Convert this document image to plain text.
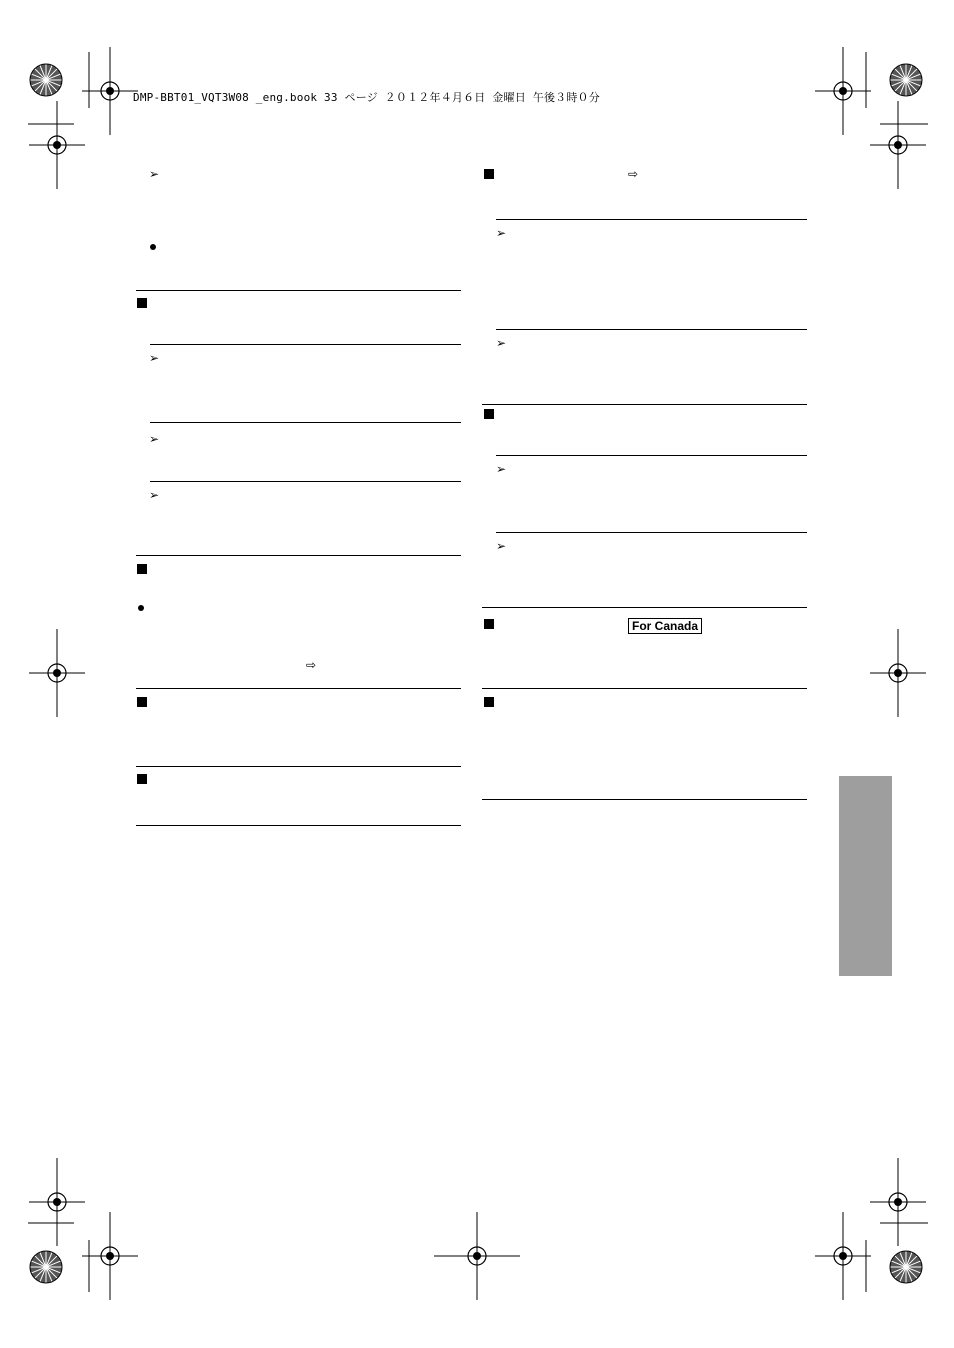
DMP-BBT01_VQT3W08 _eng.book 33 ページ ２０１２年４月６日 金曜日 午後３時０分
➢
➢
➢
➢
⇨
⇨
➢
➢
➢
➢
For Canada
